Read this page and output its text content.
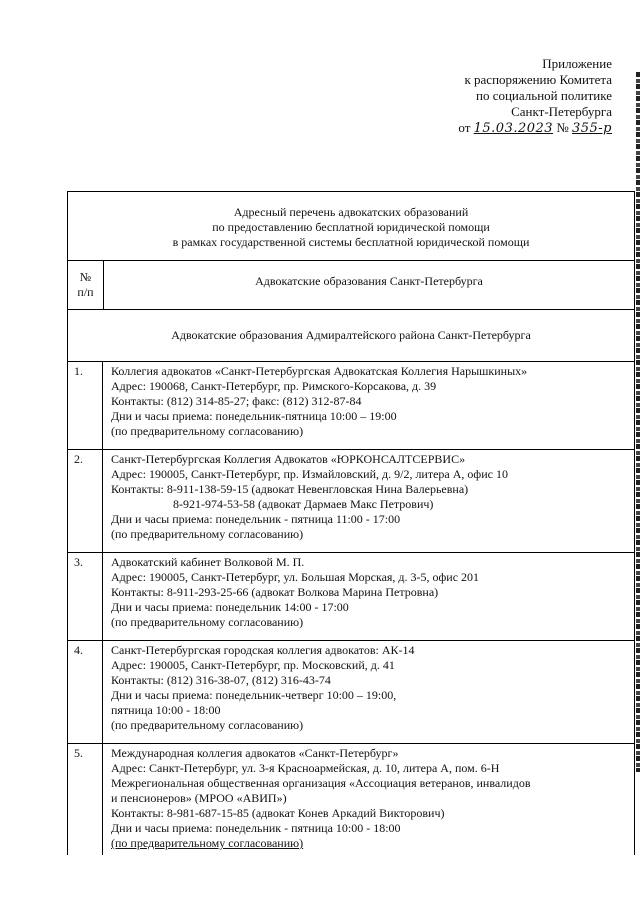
Приложение
к распоряжению Комитета
по социальной политике
Санкт-Петербурга
от 15.03.2023 № 355-р
Адресный перечень адвокатских образований
по предоставлению бесплатной юридической помощи
в рамках государственной системы бесплатной юридической помощи
№
п/п
Адвокатские образования Санкт-Петербурга
Адвокатские образования Адмиралтейского района Санкт-Петербурга
1.	Коллегия адвокатов «Санкт-Петербургская Адвокатская Коллегия Нарышкиных»
Адрес: 190068, Санкт-Петербург, пр. Римского-Корсакова, д. 39
Контакты: (812) 314-85-27; факс: (812) 312-87-84
Дни и часы приема: понедельник-пятница 10:00 – 19:00
(по предварительному согласованию)
2.	Санкт-Петербургская Коллегия Адвокатов «ЮРКОНСАЛТСЕРВИС»
Адрес: 190005, Санкт-Петербург, пр. Измайловский, д. 9/2, литера А, офис 10
Контакты: 8-911-138-59-15 (адвокат Невенгловская Нина Валерьевна)
8-921-974-53-58 (адвокат Дармаев Макс Петрович)
Дни и часы приема: понедельник - пятница 11:00 - 17:00
(по предварительному согласованию)
3.	Адвокатский кабинет Волковой М. П.
Адрес: 190005, Санкт-Петербург, ул. Большая Морская, д. 3-5, офис 201
Контакты: 8-911-293-25-66 (адвокат Волкова Марина Петровна)
Дни и часы приема: понедельник 14:00 - 17:00
(по предварительному согласованию)
4.	Санкт-Петербургская городская коллегия адвокатов: АК-14
Адрес: 190005, Санкт-Петербург, пр. Московский, д. 41
Контакты: (812) 316-38-07, (812) 316-43-74
Дни и часы приема: понедельник-четверг 10:00 – 19:00,
пятница 10:00 - 18:00
(по предварительному согласованию)
5.	Международная коллегия адвокатов «Санкт-Петербург»
Адрес: Санкт-Петербург, ул. 3-я Красноармейская, д. 10, литера А, пом. 6-Н
Межрегиональная общественная организация «Ассоциация ветеранов, инвалидов
и пенсионеров» (МРОО «АВИП»)
Контакты: 8-981-687-15-85 (адвокат Конев Аркадий Викторович)
Дни и часы приема: понедельник - пятница 10:00 - 18:00
(по предварительному согласованию)
